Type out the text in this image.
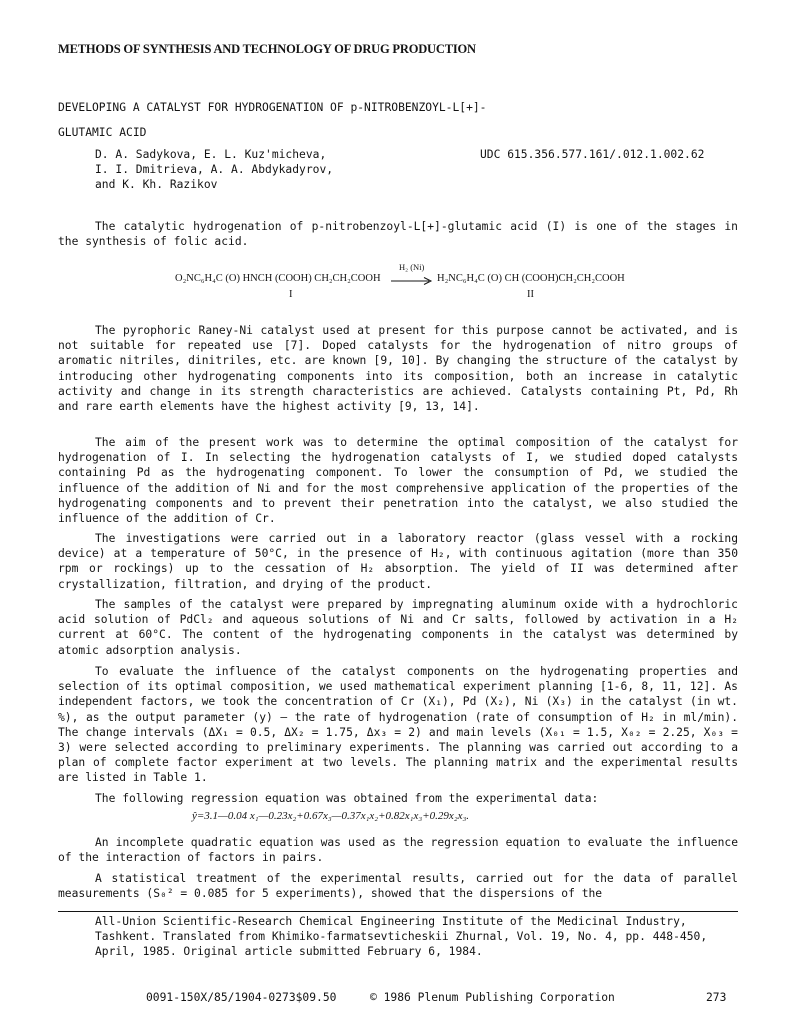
METHODS OF SYNTHESIS AND TECHNOLOGY OF DRUG PRODUCTION
DEVELOPING A CATALYST FOR HYDROGENATION OF p-NITROBENZOYL-L[+]-
GLUTAMIC ACID
D. A. Sadykova, E. L. Kuz'micheva,
I. I. Dmitrieva, A. A. Abdykadyrov,
and K. Kh. Razikov
UDC 615.356.577.161/.012.1.002.62

The catalytic hydrogenation of p-nitrobenzoyl-L[+]-glutamic acid (I) is one of the stages in the synthesis of folic acid.

O₂NC₆H₄C (O) HNCH (COOH) CH₂CH₂COOH
H₂ (Ni)
→ H₂NC₆H₄C (O) CH (COOH)CH₂CH₂COOH
I	II

The pyrophoric Raney-Ni catalyst used at present for this purpose cannot be activated, and is not suitable for repeated use [7]. Doped catalysts for the hydrogenation of nitro groups of aromatic nitriles, dinitriles, etc. are known [9, 10]. By changing the structure of the catalyst by introducing other hydrogenating components into its composition, both an increase in catalytic activity and change in its strength characteristics are achieved. Catalysts containing Pt, Pd, Rh and rare earth elements have the highest activity [9, 13, 14].

The aim of the present work was to determine the optimal composition of the catalyst for hydrogenation of I. In selecting the hydrogenation catalysts of I, we studied doped catalysts containing Pd as the hydrogenating component. To lower the consumption of Pd, we studied the influence of the addition of Ni and for the most comprehensive application of the properties of the hydrogenating components and to prevent their penetration into the catalyst, we also studied the influence of the addition of Cr.

The investigations were carried out in a laboratory reactor (glass vessel with a rocking device) at a temperature of 50°C, in the presence of H₂, with continuous agitation (more than 350 rpm or rockings) up to the cessation of H₂ absorption. The yield of II was determined after crystallization, filtration, and drying of the product.

The samples of the catalyst were prepared by impregnating aluminum oxide with a hydrochloric acid solution of PdCl₂ and aqueous solutions of Ni and Cr salts, followed by activation in a H₂ current at 60°C. The content of the hydrogenating components in the catalyst was determined by atomic adsorption analysis.

To evaluate the influence of the catalyst components on the hydrogenating properties and selection of its optimal composition, we used mathematical experiment planning [1-6, 8, 11, 12]. As independent factors, we took the concentration of Cr (X₁), Pd (X₂), Ni (X₃) in the catalyst (in wt. %), as the output parameter (y) — the rate of hydrogenation (rate of consumption of H₂ in ml/min). The change intervals (ΔX₁ = 0.5, ΔX₂ = 1.75, Δx₃ = 2) and main levels (X₀₁ = 1.5, X₀₂ = 2.25, X₀₃ = 3) were selected according to preliminary experiments. The planning was carried out according to a plan of complete factor experiment at two levels. The planning matrix and the experimental results are listed in Table 1.

The following regression equation was obtained from the experimental data:

ŷ=3.1—0.04 x₁—0.23x₂+0.67x₃—0.37x₁x₂+0.82x₁x₃+0.29x₂x₃.

An incomplete quadratic equation was used as the regression equation to evaluate the influence of the interaction of factors in pairs.

A statistical treatment of the experimental results, carried out for the data of parallel measurements (S₀² = 0.085 for 5 experiments), showed that the dispersions of the

All-Union Scientific-Research Chemical Engineering Institute of the Medicinal Industry,
Tashkent. Translated from Khimiko-farmatsevticheskii Zhurnal, Vol. 19, No. 4, pp. 448-450,
April, 1985. Original article submitted February 6, 1984.
0091-150X/85/1904-0273$09.50	© 1986 Plenum Publishing Corporation	273
